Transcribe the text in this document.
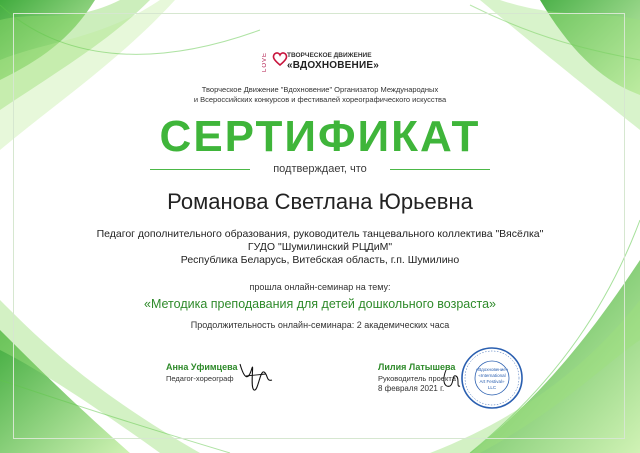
LOVE	ТВОРЧЕСКОЕ ДВИЖЕНИЕ
«ВДОХНОВЕНИЕ»
Творческое Движение "Вдохновение" Организатор Международных
и Всероссийских конкурсов и фестивалей хореографического искусства
СЕРТИФИКАТ
подтверждает, что
Романова Светлана Юрьевна
Педагог дополнительного образования, руководитель танцевального коллектива "Вясёлка"
ГУДО "Шумилинский РЦДиМ"
Республика Беларусь, Витебская область, г.п. Шумилино
прошла онлайн-семинар на тему:
«Методика преподавания для детей дошкольного возраста»
Продолжительность онлайн-семинара: 2 академических часа
Анна Уфимцева
Педагог-хореограф
Лилия Латышева
Руководитель проекта
8 февраля 2021 г.
«Вдохновение»
«International
Art Festival»
LLC
